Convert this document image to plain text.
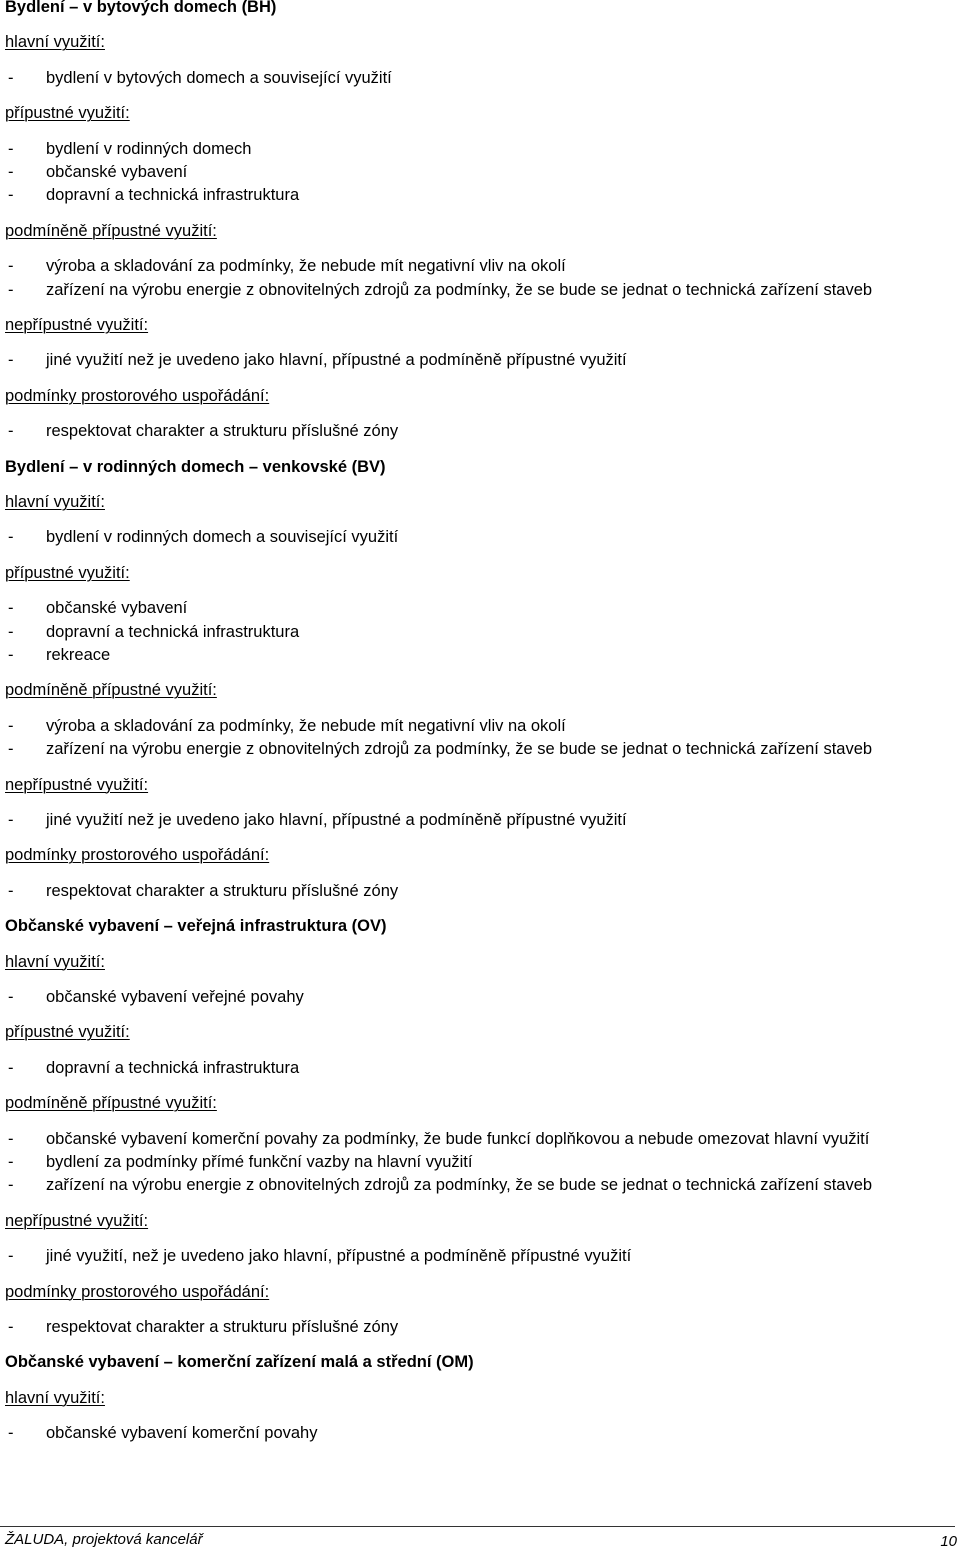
Bydlení – v bytových domech (BH)
hlavní využití:
- bydlení v bytových domech a související využití
přípustné využití:
- bydlení v rodinných domech
- občanské vybavení
- dopravní a technická infrastruktura
podmíněně přípustné využití:
- výroba a skladování za podmínky, že nebude mít negativní vliv na okolí
- zařízení na výrobu energie z obnovitelných zdrojů za podmínky, že se bude se jednat o technická zařízení staveb
nepřípustné využití:
- jiné využití než je uvedeno jako hlavní, přípustné a podmíněně přípustné využití
podmínky prostorového uspořádání:
- respektovat charakter a strukturu příslušné zóny
Bydlení – v rodinných domech – venkovské (BV)
hlavní využití:
- bydlení v rodinných domech a související využití
přípustné využití:
- občanské vybavení
- dopravní a technická infrastruktura
- rekreace
podmíněně přípustné využití:
- výroba a skladování za podmínky, že nebude mít negativní vliv na okolí
- zařízení na výrobu energie z obnovitelných zdrojů za podmínky, že se bude se jednat o technická zařízení staveb
nepřípustné využití:
- jiné využití než je uvedeno jako hlavní, přípustné a podmíněně přípustné využití
podmínky prostorového uspořádání:
- respektovat charakter a strukturu příslušné zóny
Občanské vybavení – veřejná infrastruktura (OV)
hlavní využití:
- občanské vybavení veřejné povahy
přípustné využití:
- dopravní a technická infrastruktura
podmíněně přípustné využití:
- občanské vybavení komerční povahy za podmínky, že bude funkcí doplňkovou a nebude omezovat hlavní využití
- bydlení za podmínky přímé funkční vazby na hlavní využití
- zařízení na výrobu energie z obnovitelných zdrojů za podmínky, že se bude se jednat o technická zařízení staveb
nepřípustné využití:
- jiné využití, než je uvedeno jako hlavní, přípustné a podmíněně přípustné využití
podmínky prostorového uspořádání:
- respektovat charakter a strukturu příslušné zóny
Občanské vybavení – komerční zařízení malá a střední (OM)
hlavní využití:
- občanské vybavení komerční povahy
ŽALUDA, projektová kancelář	10
